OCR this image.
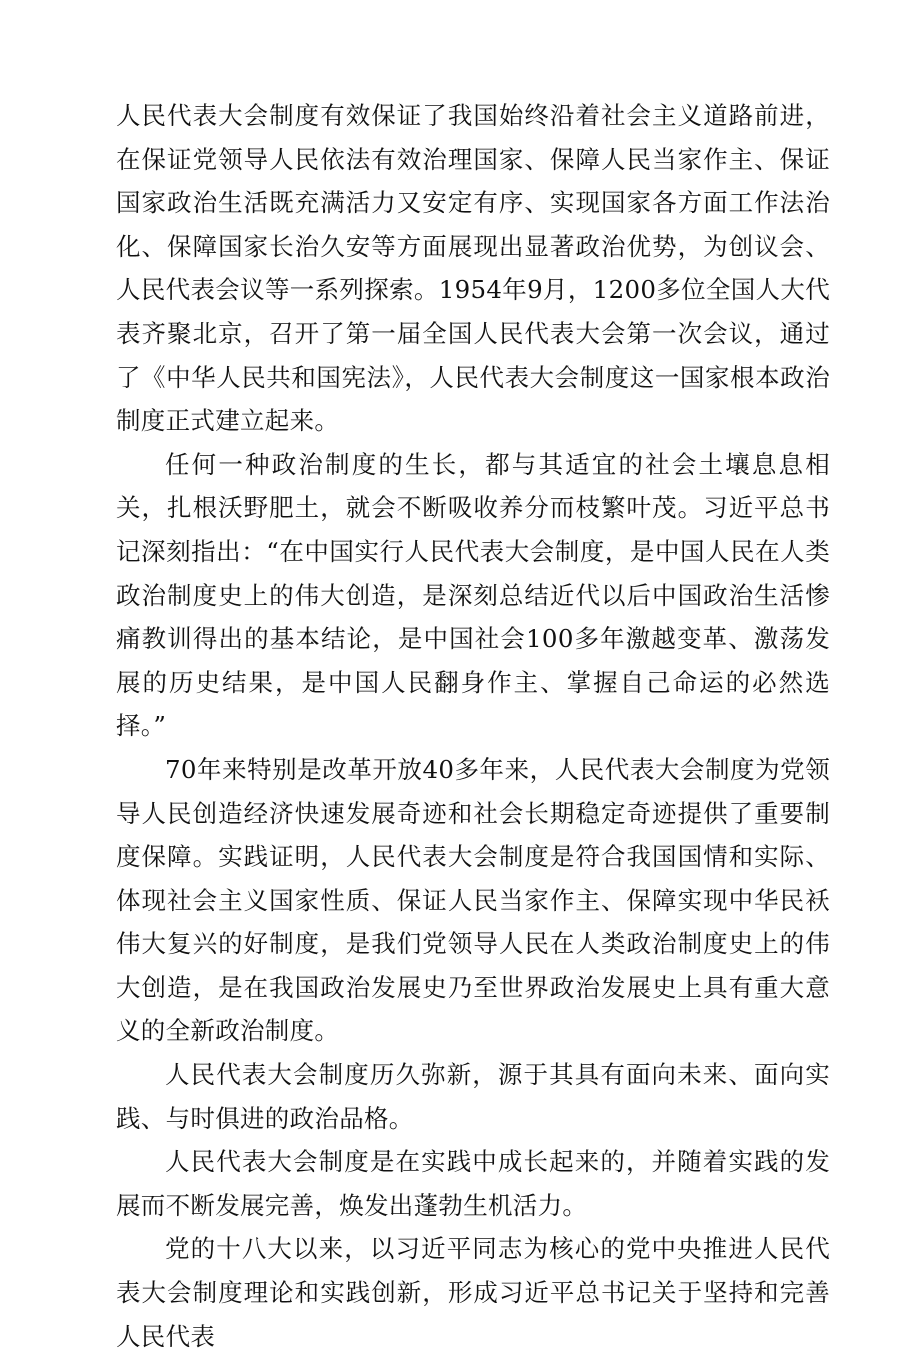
人民代表大会制度有效保证了我国始终沿着社会主义道路前进，在保证党领导人民依法有效治理国家、保障人民当家作主、保证国家政治生活既充满活力又安定有序、实现国家各方面工作法治化、保障国家长治久安等方面展现出显著政治优势，为创议会、人民代表会议等一系列探索。1954年9月，1200多位全国人大代表齐聚北京，召开了第一届全国人民代表大会第一次会议，通过了《中华人民共和国宪法》，人民代表大会制度这一国家根本政治制度正式建立起来。

任何一种政治制度的生长，都与其适宜的社会土壤息息相关，扎根沃野肥土，就会不断吸收养分而枝繁叶茂。习近平总书记深刻指出：“在中国实行人民代表大会制度，是中国人民在人类政治制度史上的伟大创造，是深刻总结近代以后中国政治生活惨痛教训得出的基本结论，是中国社会100多年激越变革、激荡发展的历史结果，是中国人民翻身作主、掌握自己命运的必然选择。”

70年来特别是改革开放40多年来，人民代表大会制度为党领导人民创造经济快速发展奇迹和社会长期稳定奇迹提供了重要制度保障。实践证明，人民代表大会制度是符合我国国情和实际、体现社会主义国家性质、保证人民当家作主、保障实现中华民袄伟大复兴的好制度，是我们党领导人民在人类政治制度史上的伟大创造，是在我国政治发展史乃至世界政治发展史上具有重大意义的全新政治制度。

人民代表大会制度历久弥新，源于其具有面向未来、面向实践、与时俱进的政治品格。

人民代表大会制度是在实践中成长起来的，并随着实践的发展而不断发展完善，焕发出蓬勃生机活力。

党的十八大以来，以习近平同志为核心的党中央推进人民代表大会制度理论和实践创新，形成习近平总书记关于坚持和完善人民代表
